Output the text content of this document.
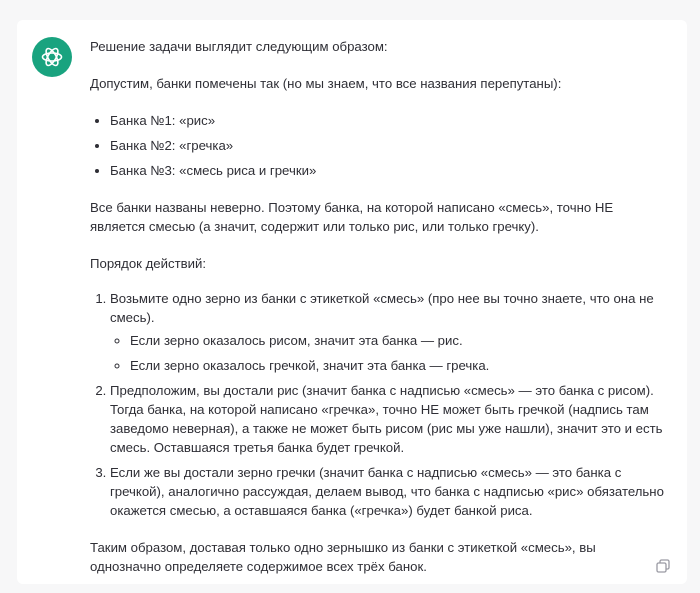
Решение задачи выглядит следующим образом:

Допустим, банки помечены так (но мы знаем, что все названия перепутаны):

• Банка №1: «рис»
• Банка №2: «гречка»
• Банка №3: «смесь риса и гречки»

Все банки названы неверно. Поэтому банка, на которой написано «смесь», точно НЕ является смесью (а значит, содержит или только рис, или только гречку).

Порядок действий:

1. Возьмите одно зерно из банки с этикеткой «смесь» (про нее вы точно знаете, что она не смесь).
◦ Если зерно оказалось рисом, значит эта банка — рис.
◦ Если зерно оказалось гречкой, значит эта банка — гречка.
2. Предположим, вы достали рис (значит банка с надписью «смесь» — это банка с рисом). Тогда банка, на которой написано «гречка», точно НЕ может быть гречкой (надпись там заведомо неверная), а также не может быть рисом (рис мы уже нашли), значит это и есть смесь. Оставшаяся третья банка будет гречкой.
3. Если же вы достали зерно гречки (значит банка с надписью «смесь» — это банка с гречкой), аналогично рассуждая, делаем вывод, что банка с надписью «рис» обязательно окажется смесью, а оставшаяся банка («гречка») будет банкой риса.

Таким образом, доставая только одно зернышко из банки с этикеткой «смесь», вы однозначно определяете содержимое всех трёх банок.
